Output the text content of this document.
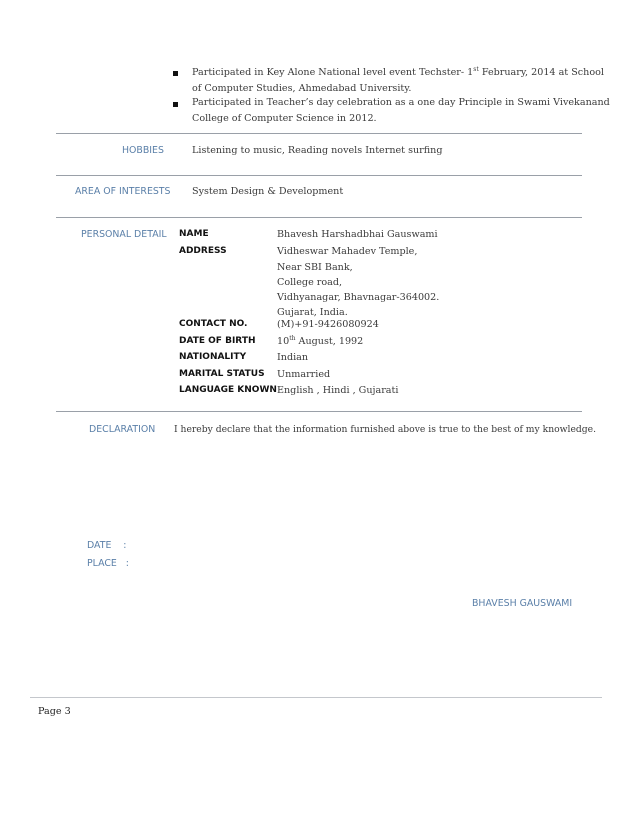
Participated in Key Alone National level event Techster- 1st February, 2014 at School
of Computer Studies, Ahmedabad University.
Participated in Teacher’s day celebration as a one day Principle in Swami Vivekanand
College of Computer Science in 2012.
HOBBIES	Listening to music, Reading novels Internet surfing
AREA OF INTERESTS System Design & Development
PERSONAL DETAIL NAME	Bhavesh Harshadbhai Gauswami
ADDRESS	Vidheswar Mahadev Temple,
Near SBI Bank,
College road,
Vidhyanagar, Bhavnagar-364002.
Gujarat, India.
CONTACT NO.	(M)+91-9426080924
DATE OF BIRTH 10th August, 1992
NATIONALITY	Indian
MARITAL STATUS Unmarried
LANGUAGE KNOWN English , Hindi , Gujarati
DECLARATION I hereby declare that the information furnished above is true to the best of my knowledge.
DATE    :
PLACE   :
BHAVESH GAUSWAMI
Page 3
